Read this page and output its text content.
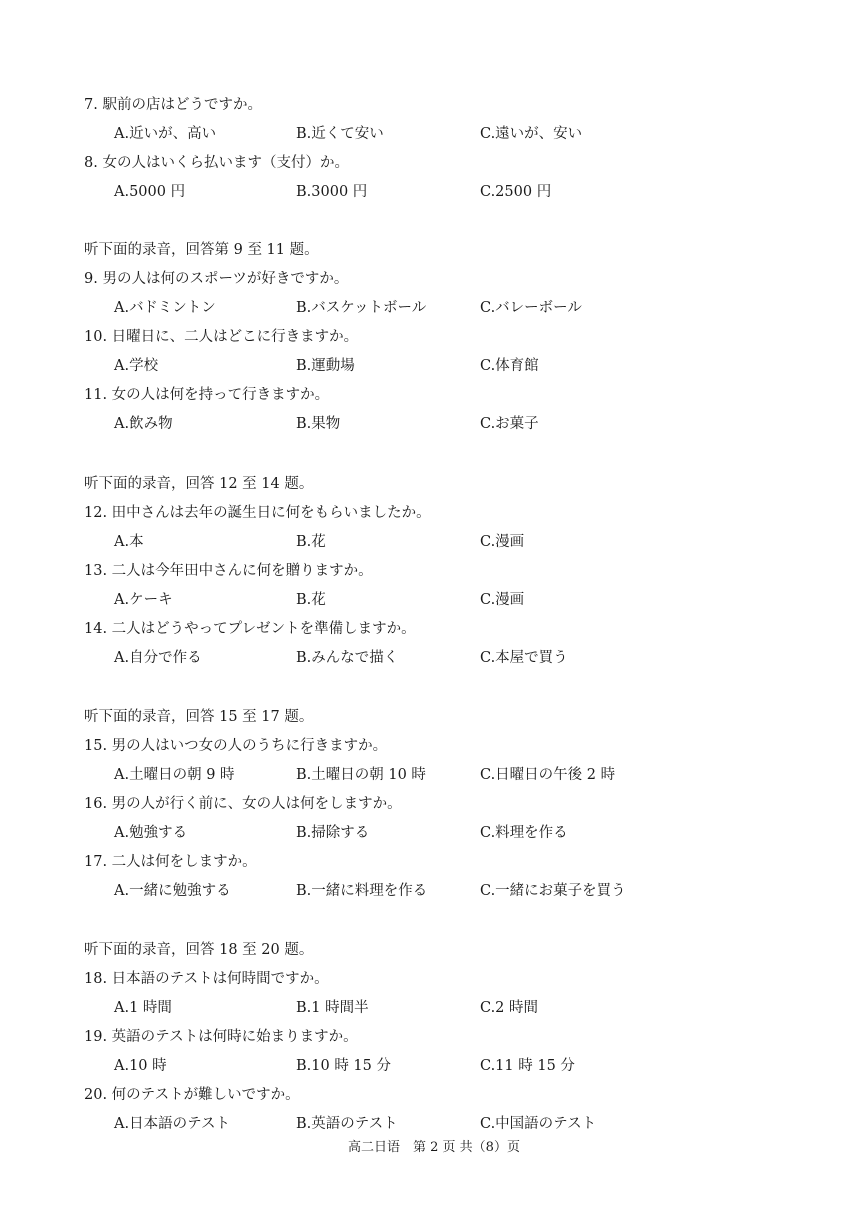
7. 駅前の店はどうですか。
A.近いが、高い	B.近くて安い	C.遠いが、安い
8. 女の人はいくら払います（支付）か。
A.5000 円	B.3000 円	C.2500 円
听下面的录音，回答第 9 至 11 题。
9. 男の人は何のスポーツが好きですか。
A.バドミントン	B.バスケットボール	C.バレーボール
10. 日曜日に、二人はどこに行きますか。
A.学校	B.運動場	C.体育館
11. 女の人は何を持って行きますか。
A.飲み物	B.果物	C.お菓子
听下面的录音，回答 12 至 14 题。
12. 田中さんは去年の誕生日に何をもらいましたか。
A.本	B.花	C.漫画
13. 二人は今年田中さんに何を贈りますか。
A.ケーキ	B.花	C.漫画
14. 二人はどうやってプレゼントを準備しますか。
A.自分で作る	B.みんなで描く	C.本屋で買う
听下面的录音，回答 15 至 17 题。
15. 男の人はいつ女の人のうちに行きますか。
A.土曜日の朝 9 時	B.土曜日の朝 10 時	C.日曜日の午後 2 時
16. 男の人が行く前に、女の人は何をしますか。
A.勉強する	B.掃除する	C.料理を作る
17. 二人は何をしますか。
A.一緒に勉強する	B.一緒に料理を作る	C.一緒にお菓子を買う
听下面的录音，回答 18 至 20 题。
18. 日本語のテストは何時間ですか。
A.1 時間	B.1 時間半	C.2 時間
19. 英語のテストは何時に始まりますか。
A.10 時	B.10 時 15 分	C.11 時 15 分
20. 何のテストが難しいですか。
A.日本語のテスト	B.英語のテスト	C.中国語のテスト
高二日语　第 2 页 共（8）页
